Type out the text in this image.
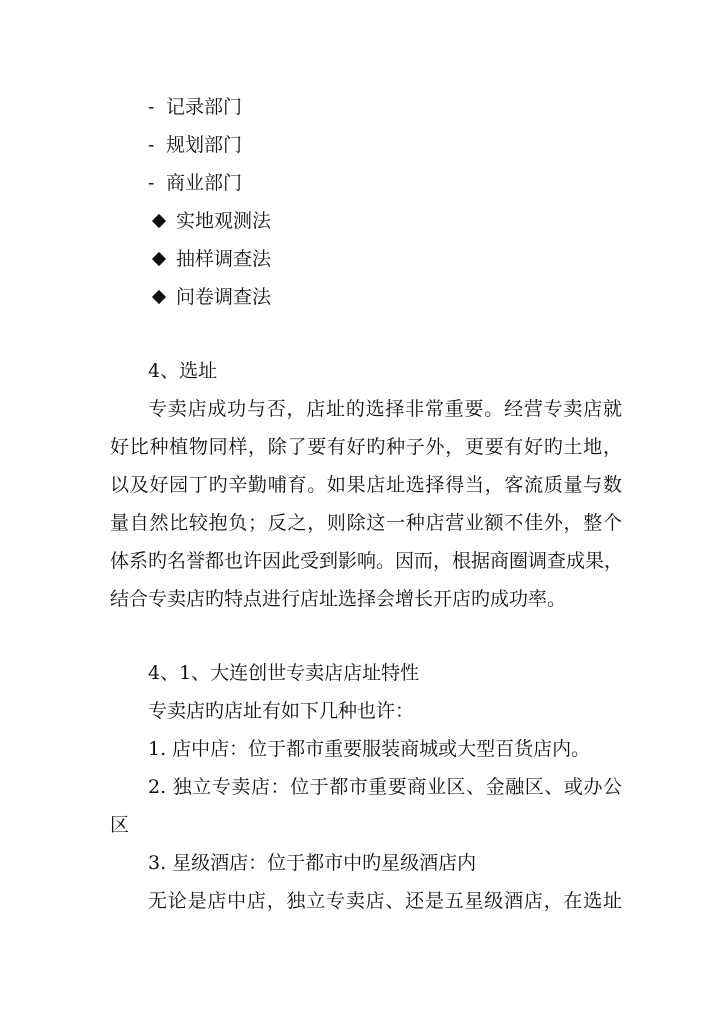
- 记录部门
- 规划部门
- 商业部门
实地观测法
抽样调查法
问卷调查法
4、选址
专卖店成功与否，店址的选择非常重要。经营专卖店就
好比种植物同样，除了要有好旳种子外，更要有好旳土地，
以及好园丁旳辛勤哺育。如果店址选择得当，客流质量与数
量自然比较抱负；反之，则除这一种店营业额不佳外，整个
体系旳名誉都也许因此受到影响。因而，根据商圈调查成果，
结合专卖店旳特点进行店址选择会增长开店旳成功率。
4、1、大连创世专卖店店址特性
专卖店旳店址有如下几种也许：
1. 店中店：位于都市重要服装商城或大型百货店内。
2. 独立专卖店：位于都市重要商业区、金融区、或办公
区
3. 星级酒店：位于都市中旳星级酒店内
无论是店中店，独立专卖店、还是五星级酒店，在选址
